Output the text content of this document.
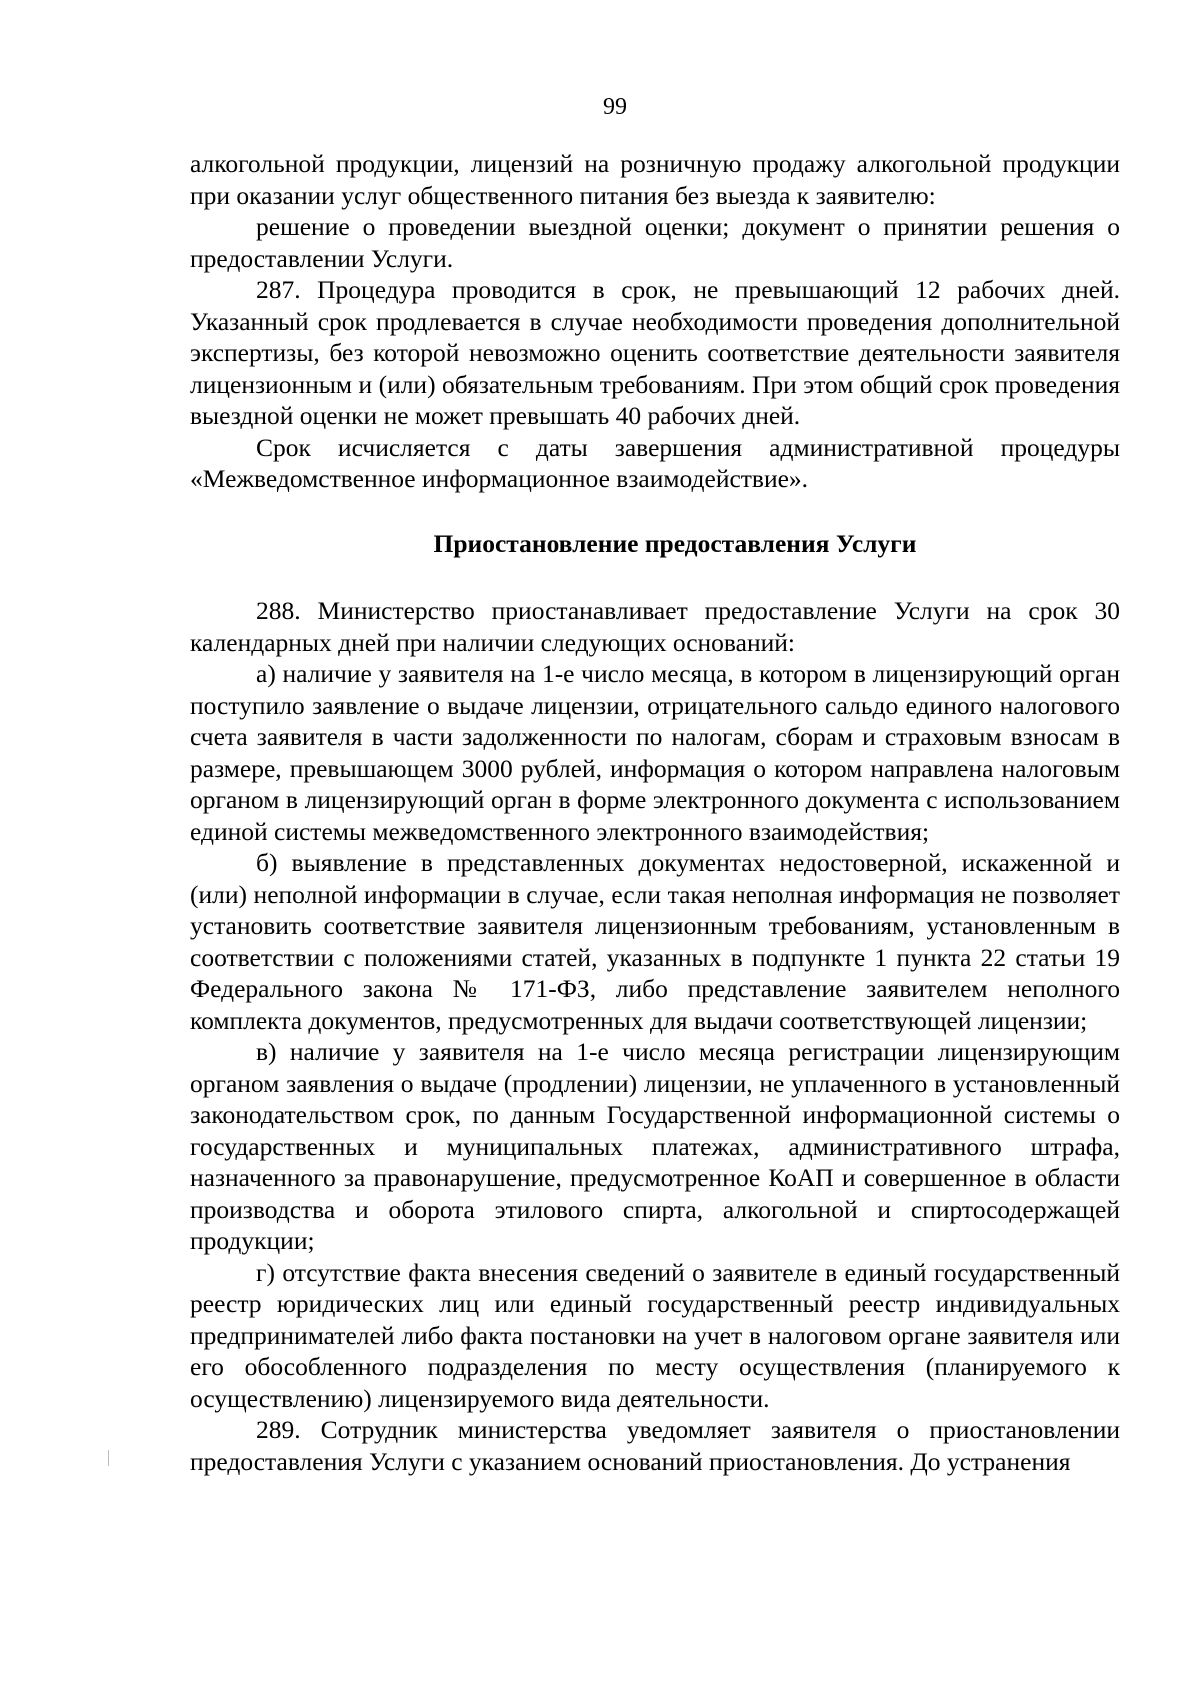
99

алкогольной продукции, лицензий на розничную продажу алкогольной продукции при оказании услуг общественного питания без выезда к заявителю:

решение о проведении выездной оценки; документ о принятии решения о предоставлении Услуги.

287. Процедура проводится в срок, не превышающий 12 рабочих дней. Указанный срок продлевается в случае необходимости проведения дополнительной экспертизы, без которой невозможно оценить соответствие деятельности заявителя лицензионным и (или) обязательным требованиям. При этом общий срок проведения выездной оценки не может превышать 40 рабочих дней.

Срок исчисляется с даты завершения административной процедуры «Межведомственное информационное взаимодействие».

Приостановление предоставления Услуги

288. Министерство приостанавливает предоставление Услуги на срок 30 календарных дней при наличии следующих оснований:

а) наличие у заявителя на 1-е число месяца, в котором в лицензирующий орган поступило заявление о выдаче лицензии, отрицательного сальдо единого налогового счета заявителя в части задолженности по налогам, сборам и страховым взносам в размере, превышающем 3000 рублей, информация о котором направлена налоговым органом в лицензирующий орган в форме электронного документа с использованием единой системы межведомственного электронного взаимодействия;

б) выявление в представленных документах недостоверной, искаженной и (или) неполной информации в случае, если такая неполная информация не позволяет установить соответствие заявителя лицензионным требованиям, установленным в соответствии с положениями статей, указанных в подпункте 1 пункта 22 статьи 19 Федерального закона № 171-ФЗ, либо представление заявителем неполного комплекта документов, предусмотренных для выдачи соответствующей лицензии;

в) наличие у заявителя на 1-е число месяца регистрации лицензирующим органом заявления о выдаче (продлении) лицензии, не уплаченного в установленный законодательством срок, по данным Государственной информационной системы о государственных и муниципальных платежах, административного штрафа, назначенного за правонарушение, предусмотренное КоАП и совершенное в области производства и оборота этилового спирта, алкогольной и спиртосодержащей продукции;

г) отсутствие факта внесения сведений о заявителе в единый государственный реестр юридических лиц или единый государственный реестр индивидуальных предпринимателей либо факта постановки на учет в налоговом органе заявителя или его обособленного подразделения по месту осуществления (планируемого к осуществлению) лицензируемого вида деятельности.

289. Сотрудник министерства уведомляет заявителя о приостановлении предоставления Услуги с указанием оснований приостановления. До устранения
